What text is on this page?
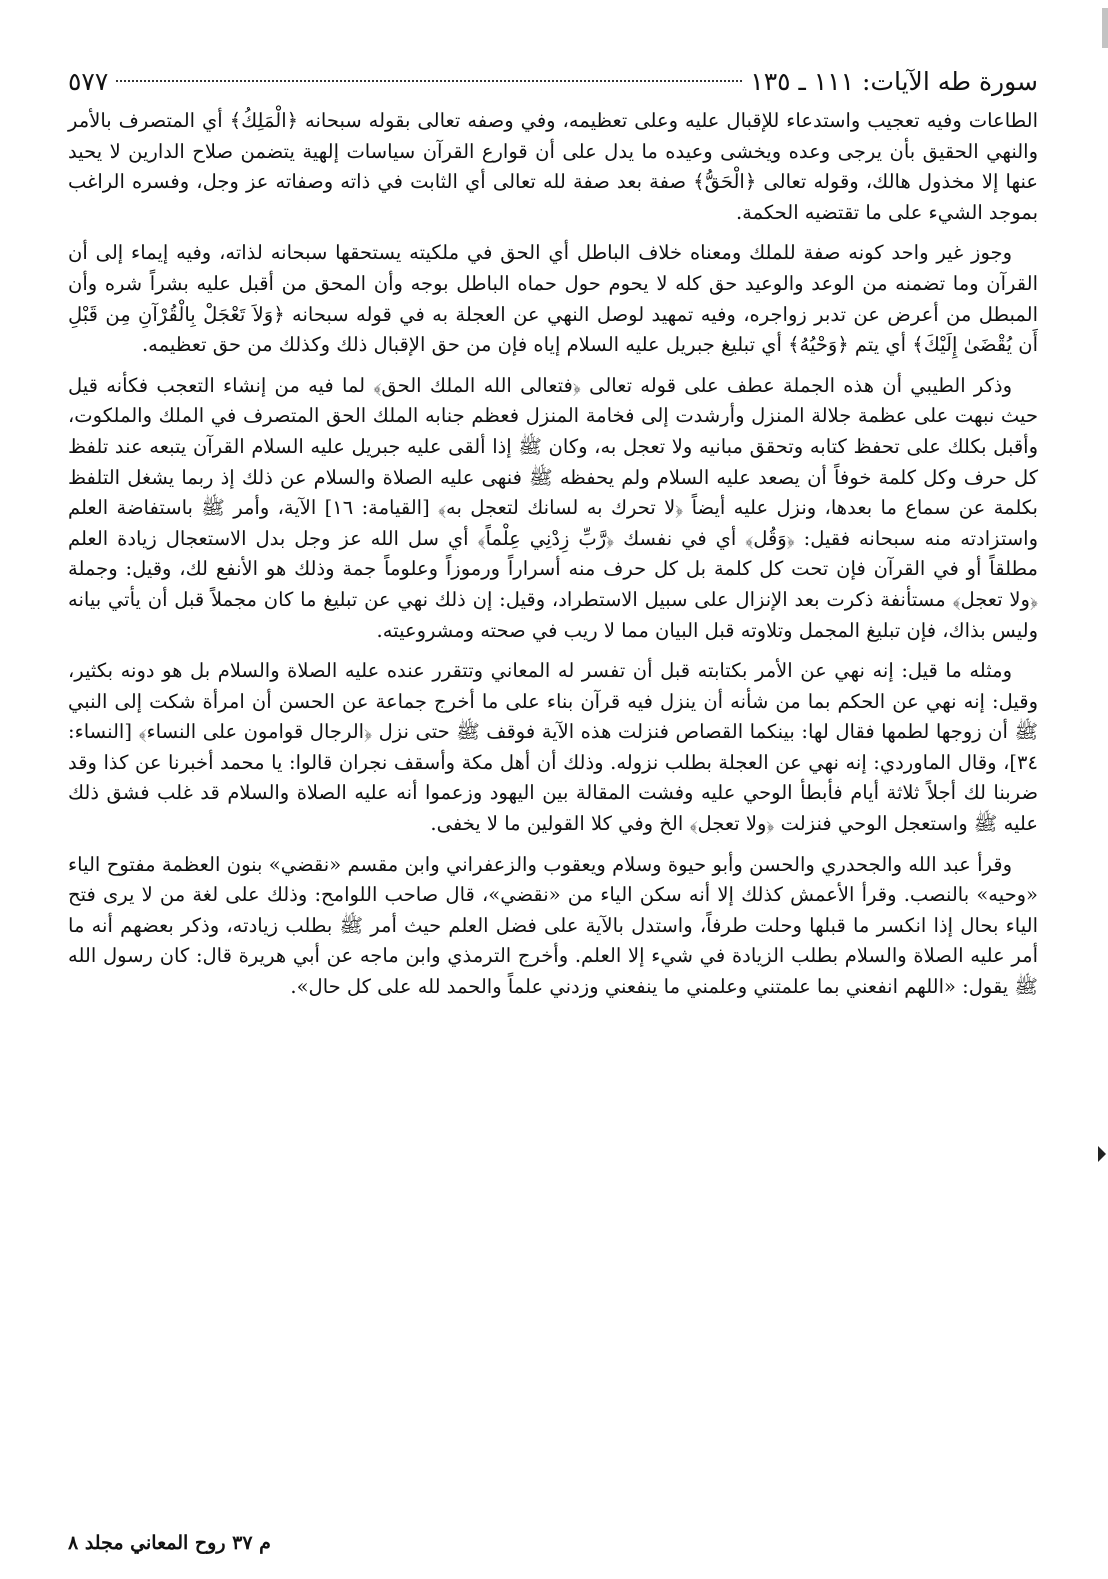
سورة طه الآيات: ١١١ ـ ١٣٥
٥٧٧

الطاعات وفيه تعجيب واستدعاء للإقبال عليه وعلى تعظيمه، وفي وصفه تعالى بقوله سبحانه ﴿الْمَلِكُ﴾ أي المتصرف بالأمر والنهي الحقيق بأن يرجى وعده ويخشى وعيده ما يدل على أن قوارع القرآن سياسات إلهية يتضمن صلاح الدارين لا يحيد عنها إلا مخذول هالك، وقوله تعالى ﴿الْحَقُّ﴾ صفة بعد صفة لله تعالى أي الثابت في ذاته وصفاته عز وجل، وفسره الراغب بموجد الشيء على ما تقتضيه الحكمة.

وجوز غير واحد كونه صفة للملك ومعناه خلاف الباطل أي الحق في ملكيته يستحقها سبحانه لذاته، وفيه إيماء إلى أن القرآن وما تضمنه من الوعد والوعيد حق كله لا يحوم حول حماه الباطل بوجه وأن المحق من أقبل عليه بشراً شره وأن المبطل من أعرض عن تدبر زواجره، وفيه تمهيد لوصل النهي عن العجلة به في قوله سبحانه ﴿وَلاَ تَعْجَلْ بِالْقُرْآنِ مِن قَبْلِ أَن يُقْضَىٰ إِلَيْكَ﴾ أي يتم ﴿وَحْيُهُ﴾ أي تبليغ جبريل عليه السلام إياه فإن من حق الإقبال ذلك وكذلك من حق تعظيمه.

وذكر الطيبي أن هذه الجملة عطف على قوله تعالى ﴿فتعالى الله الملك الحق﴾ لما فيه من إنشاء التعجب فكأنه قيل حيث نبهت على عظمة جلالة المنزل وأرشدت إلى فخامة المنزل فعظم جنابه الملك الحق المتصرف في الملك والملكوت، وأقبل بكلك على تحفظ كتابه وتحقق مبانيه ولا تعجل به، وكان ﷺ إذا ألقى عليه جبريل عليه السلام القرآن يتبعه عند تلفظ كل حرف وكل كلمة خوفاً أن يصعد عليه السلام ولم يحفظه ﷺ فنهى عليه الصلاة والسلام عن ذلك إذ ربما يشغل التلفظ بكلمة عن سماع ما بعدها، ونزل عليه أيضاً ﴿لا تحرك به لسانك لتعجل به﴾ [القيامة: ١٦] الآية، وأمر ﷺ باستفاضة العلم واستزادته منه سبحانه فقيل: ﴿وَقُل﴾ أي في نفسك ﴿رَّبِّ زِدْنِي عِلْماً﴾ أي سل الله عز وجل بدل الاستعجال زيادة العلم مطلقاً أو في القرآن فإن تحت كل كلمة بل كل حرف منه أسراراً ورموزاً وعلوماً جمة وذلك هو الأنفع لك، وقيل: وجملة ﴿ولا تعجل﴾ مستأنفة ذكرت بعد الإنزال على سبيل الاستطراد، وقيل: إن ذلك نهي عن تبليغ ما كان مجملاً قبل أن يأتي بيانه وليس بذاك، فإن تبليغ المجمل وتلاوته قبل البيان مما لا ريب في صحته ومشروعيته.

ومثله ما قيل: إنه نهي عن الأمر بكتابته قبل أن تفسر له المعاني وتتقرر عنده عليه الصلاة والسلام بل هو دونه بكثير، وقيل: إنه نهي عن الحكم بما من شأنه أن ينزل فيه قرآن بناء على ما أخرج جماعة عن الحسن أن امرأة شكت إلى النبي ﷺ أن زوجها لطمها فقال لها: بينكما القصاص فنزلت هذه الآية فوقف ﷺ حتى نزل ﴿الرجال قوامون على النساء﴾ [النساء: ٣٤]، وقال الماوردي: إنه نهي عن العجلة بطلب نزوله. وذلك أن أهل مكة وأسقف نجران قالوا: يا محمد أخبرنا عن كذا وقد ضربنا لك أجلاً ثلاثة أيام فأبطأ الوحي عليه وفشت المقالة بين اليهود وزعموا أنه عليه الصلاة والسلام قد غلب فشق ذلك عليه ﷺ واستعجل الوحي فنزلت ﴿ولا تعجل﴾ الخ وفي كلا القولين ما لا يخفى.

وقرأ عبد الله والجحدري والحسن وأبو حيوة وسلام ويعقوب والزعفراني وابن مقسم «نقضي» بنون العظمة مفتوح الياء «وحيه» بالنصب. وقرأ الأعمش كذلك إلا أنه سكن الياء من «نقضي»، قال صاحب اللوامح: وذلك على لغة من لا يرى فتح الياء بحال إذا انكسر ما قبلها وحلت طرفاً، واستدل بالآية على فضل العلم حيث أمر ﷺ بطلب زيادته، وذكر بعضهم أنه ما أمر عليه الصلاة والسلام بطلب الزيادة في شيء إلا العلم. وأخرج الترمذي وابن ماجه عن أبي هريرة قال: كان رسول الله ﷺ يقول: «اللهم انفعني بما علمتني وعلمني ما ينفعني وزدني علماً والحمد لله على كل حال».

م ٣٧ روح المعاني مجلد ٨
